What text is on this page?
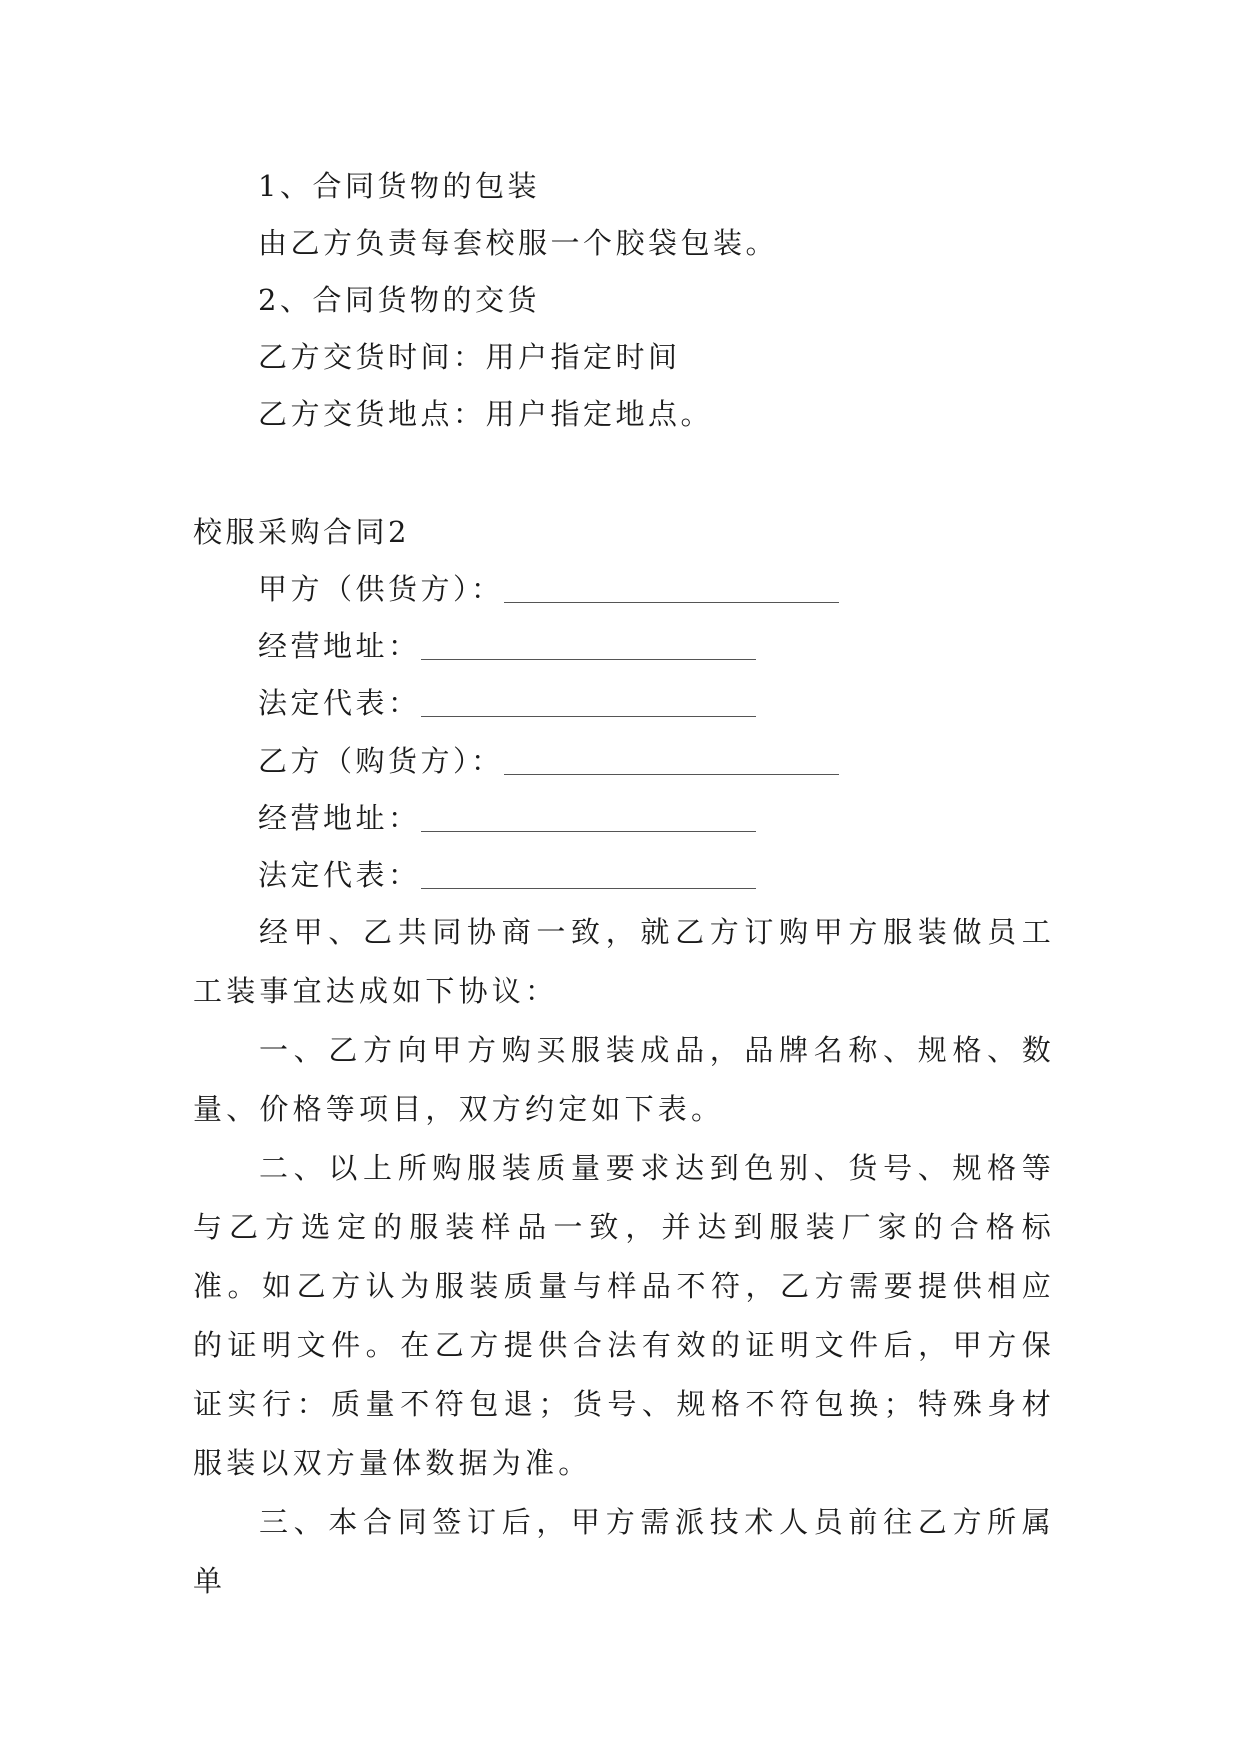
1、合同货物的包装
由乙方负责每套校服一个胶袋包装。
2、合同货物的交货
乙方交货时间：用户指定时间
乙方交货地点：用户指定地点。
校服采购合同2
甲方（供货方）：
经营地址：
法定代表：
乙方（购货方）：
经营地址：
法定代表：
经甲、乙共同协商一致，就乙方订购甲方服装做员工工装事宜达成如下协议：
一、乙方向甲方购买服装成品，品牌名称、规格、数量、价格等项目，双方约定如下表。
二、以上所购服装质量要求达到色别、货号、规格等与乙方选定的服装样品一致，并达到服装厂家的合格标准。如乙方认为服装质量与样品不符，乙方需要提供相应的证明文件。在乙方提供合法有效的证明文件后，甲方保证实行：质量不符包退；货号、规格不符包换；特殊身材服装以双方量体数据为准。
三、本合同签订后，甲方需派技术人员前往乙方所属单
